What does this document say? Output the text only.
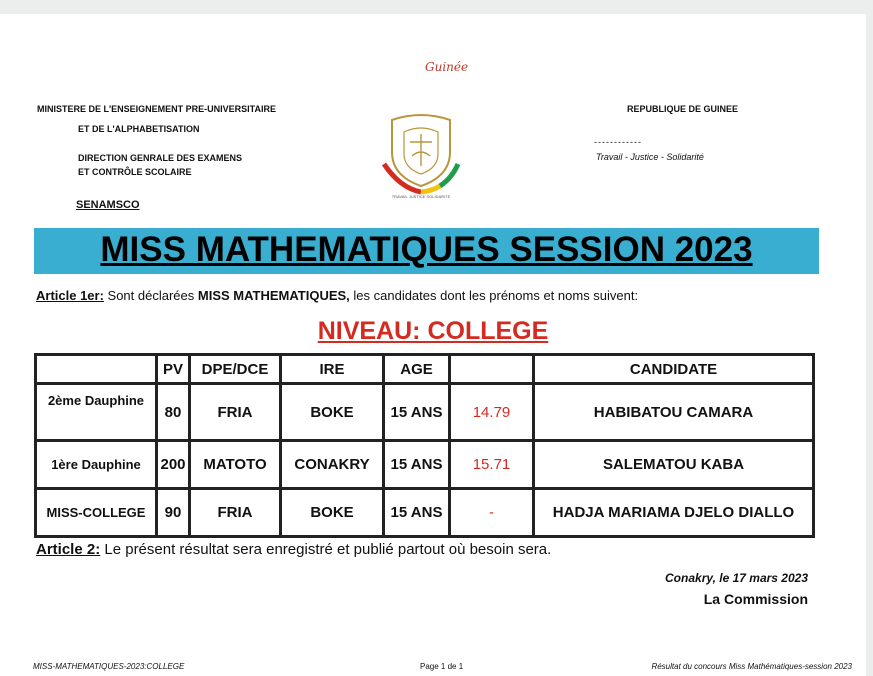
Guinée
MINISTERE DE L'ENSEIGNEMENT PRE-UNIVERSITAIRE
ET DE L'ALPHABETISATION
DIRECTION GENRALE DES EXAMENS
ET CONTRÔLE SCOLAIRE
SENAMSCO
TRAVAIL JUSTICE SOLIDARITE
REPUBLIQUE DE GUINEE
------------
Travail - Justice - Solidarité
MISS MATHEMATIQUES SESSION 2023
Article 1er: Sont déclarées MISS MATHEMATIQUES, les candidates dont les prénoms et noms suivent:
NIVEAU: COLLEGE
	PV	DPE/DCE	IRE	AGE		CANDIDATE
2ème Dauphine	80	FRIA	BOKE	15 ANS	14.79	HABIBATOU CAMARA
1ère Dauphine	200	MATOTO	CONAKRY	15 ANS	15.71	SALEMATOU KABA
MISS-COLLEGE	90	FRIA	BOKE	15 ANS	-	HADJA MARIAMA DJELO DIALLO
Article 2: Le présent résultat sera enregistré et publié partout où besoin sera.
Conakry, le 17 mars 2023
La Commission
MISS-MATHEMATIQUES-2023:COLLEGE	Page 1 de 1	Résultat du concours Miss Mathématiques-session 2023
